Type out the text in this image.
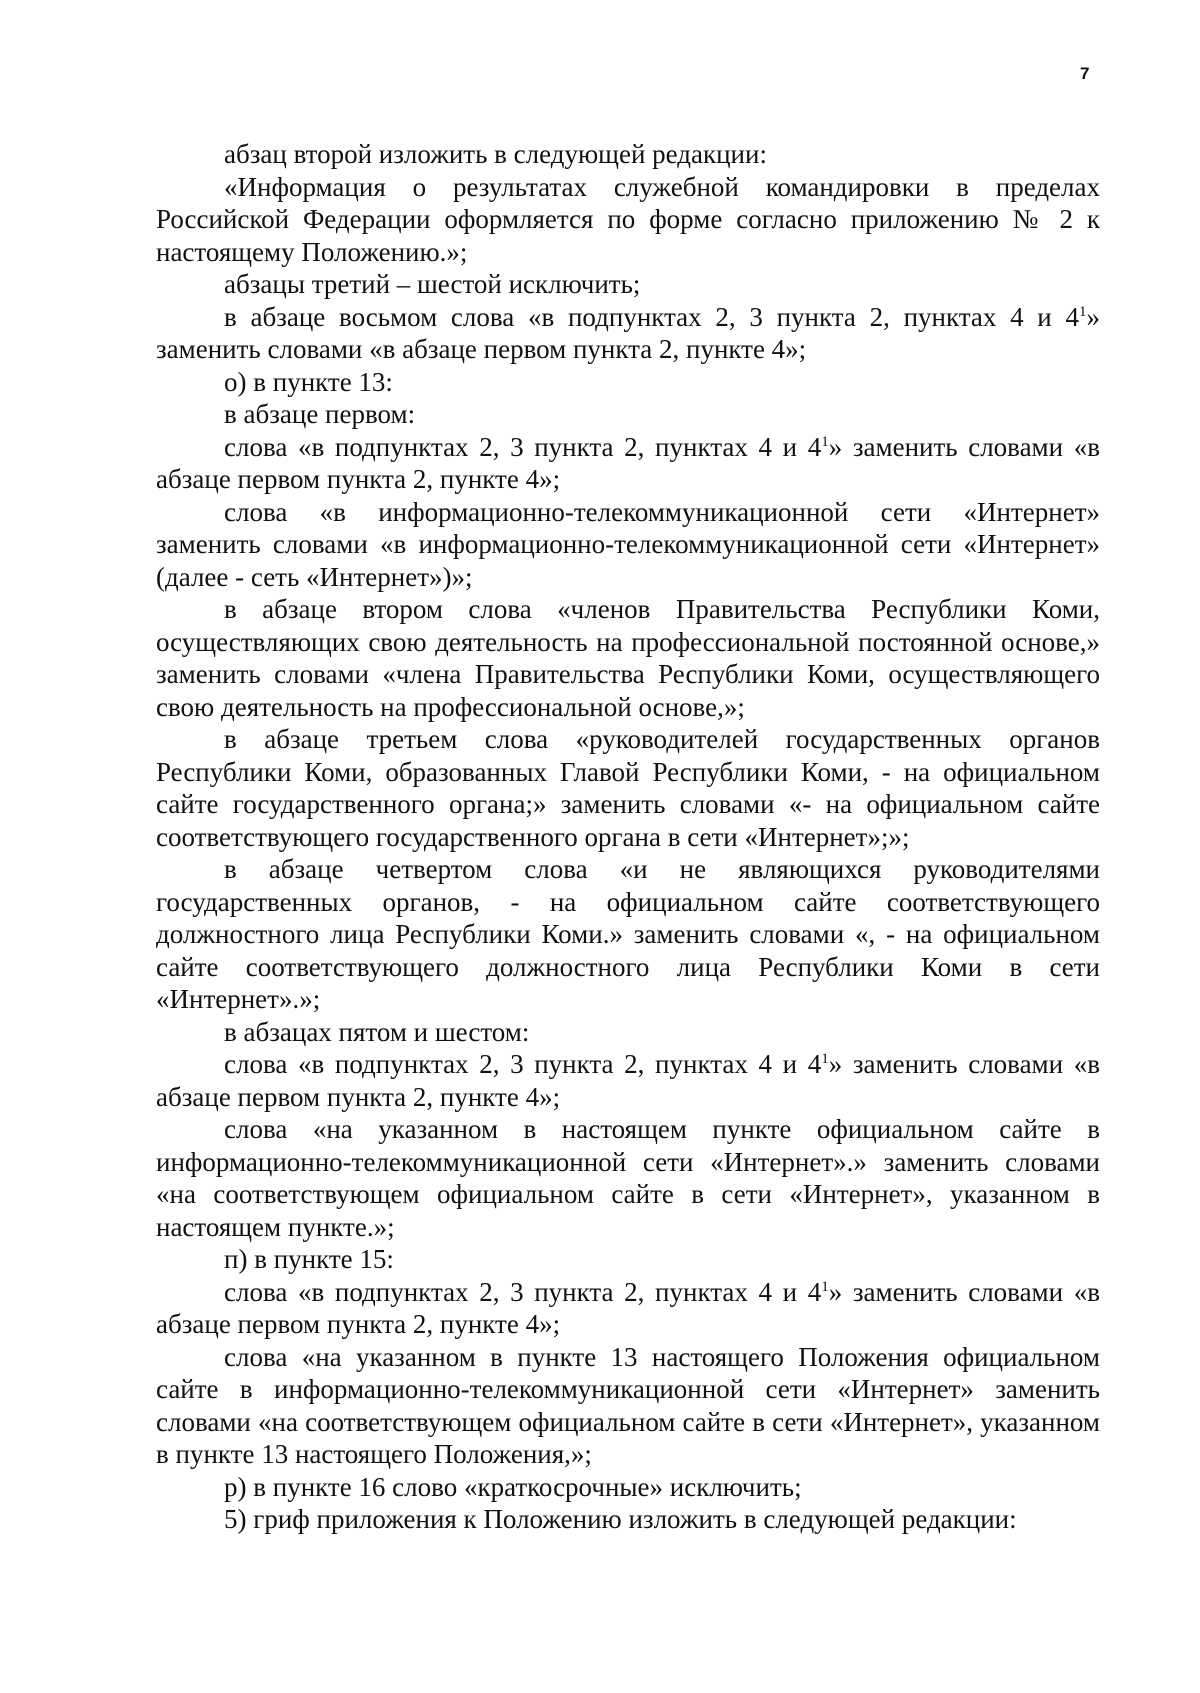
7

абзац второй изложить в следующей редакции:

«Информация о результатах служебной командировки в пределах Российской Федерации оформляется по форме согласно приложению № 2 к настоящему Положению.»;

абзацы третий – шестой исключить;

в абзаце восьмом слова «в подпунктах 2, 3 пункта 2, пунктах 4 и $4^1$» заменить словами «в абзаце первом пункта 2, пункте 4»;

о) в пункте 13:

в абзаце первом:

слова «в подпунктах 2, 3 пункта 2, пунктах 4 и $4^1$» заменить словами «в абзаце первом пункта 2, пункте 4»;

слова «в информационно-телекоммуникационной сети «Интернет» заменить словами «в информационно-телекоммуникационной сети «Интернет» (далее - сеть «Интернет»)»;

в абзаце втором слова «членов Правительства Республики Коми, осуществляющих свою деятельность на профессиональной постоянной основе,» заменить словами «члена Правительства Республики Коми, осуществляющего свою деятельность на профессиональной основе,»;

в абзаце третьем слова «руководителей государственных органов Республики Коми, образованных Главой Республики Коми, - на официальном сайте государственного органа;» заменить словами «- на официальном сайте соответствующего государственного органа в сети «Интернет»;»;

в абзаце четвертом слова «и не являющихся руководителями государственных органов, - на официальном сайте соответствующего должностного лица Республики Коми.» заменить словами «, - на официальном сайте соответствующего должностного лица Республики Коми в сети «Интернет».»;

в абзацах пятом и шестом:

слова «в подпунктах 2, 3 пункта 2, пунктах 4 и $4^1$» заменить словами «в абзаце первом пункта 2, пункте 4»;

слова «на указанном в настоящем пункте официальном сайте в информационно-телекоммуникационной сети «Интернет».» заменить словами «на соответствующем официальном сайте в сети «Интернет», указанном в настоящем пункте.»;

п) в пункте 15:

слова «в подпунктах 2, 3 пункта 2, пунктах 4 и $4^1$» заменить словами «в абзаце первом пункта 2, пункте 4»;

слова «на указанном в пункте 13 настоящего Положения официальном сайте в информационно-телекоммуникационной сети «Интернет» заменить словами «на соответствующем официальном сайте в сети «Интернет», указанном в пункте 13 настоящего Положения,»;

р) в пункте 16 слово «краткосрочные» исключить;

5) гриф приложения к Положению изложить в следующей редакции:
